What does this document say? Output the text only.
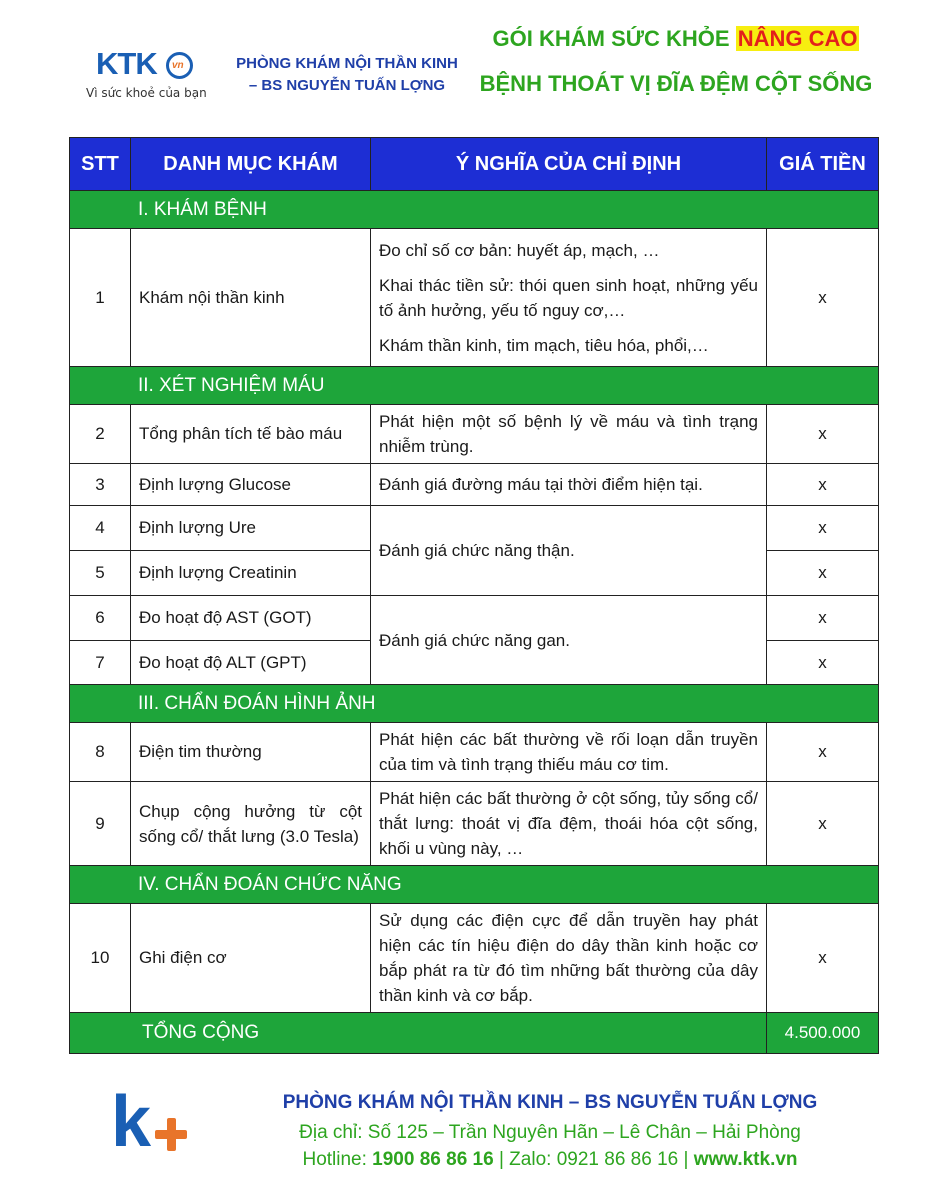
KTK vn
Vì sức khoẻ của bạn
PHÒNG KHÁM NỘI THẦN KINH
– BS NGUYỄN TUẤN LỢNG
GÓI KHÁM SỨC KHỎE NÂNG CAO
BỆNH THOÁT VỊ ĐĨA ĐỆM CỘT SỐNG
STT	DANH MỤC KHÁM	Ý NGHĨA CỦA CHỈ ĐỊNH	GIÁ TIỀN
I. KHÁM BỆNH			
1	Khám nội thần kinh	Đo chỉ số cơ bản: huyết áp, mạch, …
Khai thác tiền sử: thói quen sinh hoạt, những yếu tố ảnh hưởng, yếu tố nguy cơ,…
Khám thần kinh, tim mạch, tiêu hóa, phổi,…	x
II. XÉT NGHIỆM MÁU			
2	Tổng phân tích tế bào máu	Phát hiện một số bệnh lý về máu và tình trạng nhiễm trùng.	x
3	Định lượng Glucose	Đánh giá đường máu tại thời điểm hiện tại.	x
4	Định lượng Ure	Đánh giá chức năng thận.	x
5	Định lượng Creatinin		x
6	Đo hoạt độ AST (GOT)	Đánh giá chức năng gan.	x
7	Đo hoạt độ ALT (GPT)		x
III. CHẨN ĐOÁN HÌNH ẢNH			
8	Điện tim thường	Phát hiện các bất thường về rối loạn dẫn truyền của tim và tình trạng thiếu máu cơ tim.	x
9	Chụp cộng hưởng từ cột sống cổ/ thắt lưng (3.0 Tesla)	Phát hiện các bất thường ở cột sống, tủy sống cổ/ thắt lưng: thoát vị đĩa đệm, thoái hóa cột sống, khối u vùng này, …	x
IV. CHẨN ĐOÁN CHỨC NĂNG			
10	Ghi điện cơ	Sử dụng các điện cực để dẫn truyền hay phát hiện các tín hiệu điện do dây thần kinh hoặc cơ bắp phát ra từ đó tìm những bất thường của dây thần kinh và cơ bắp.	x
TỔNG CỘNG			4.500.000
k	PHÒNG KHÁM NỘI THẦN KINH – BS NGUYỄN TUẤN LỢNG
Địa chỉ: Số 125 – Trần Nguyên Hãn – Lê Chân – Hải Phòng
Hotline: 1900 86 86 16 | Zalo: 0921 86 86 16 | www.ktk.vn
